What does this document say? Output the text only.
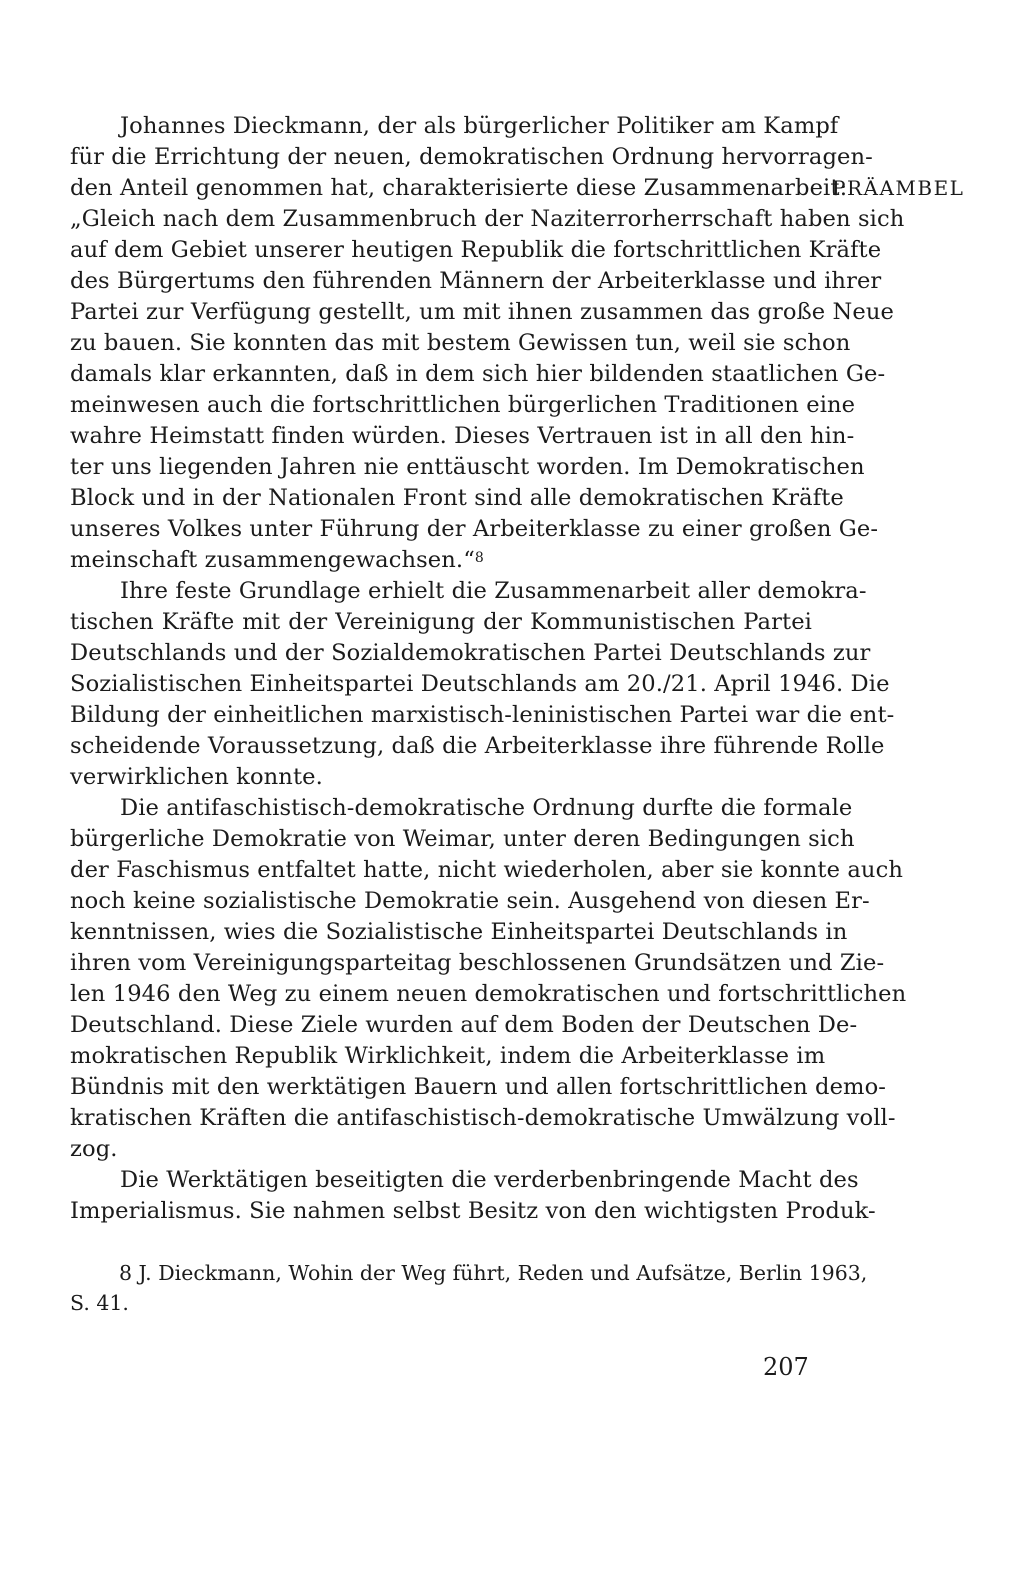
Johannes Dieckmann, der als bürgerlicher Politiker am Kampf
für die Errichtung der neuen, demokratischen Ordnung hervorragen-
den Anteil genommen hat, charakterisierte diese Zusammenarbeit:
„Gleich nach dem Zusammenbruch der Naziterrorherrschaft haben sich
auf dem Gebiet unserer heutigen Republik die fortschrittlichen Kräfte
des Bürgertums den führenden Männern der Arbeiterklasse und ihrer
Partei zur Verfügung gestellt, um mit ihnen zusammen das große Neue
zu bauen. Sie konnten das mit bestem Gewissen tun, weil sie schon
damals klar erkannten, daß in dem sich hier bildenden staatlichen Ge-
meinwesen auch die fortschrittlichen bürgerlichen Traditionen eine
wahre Heimstatt finden würden. Dieses Vertrauen ist in all den hin-
ter uns liegenden Jahren nie enttäuscht worden. Im Demokratischen
Block und in der Nationalen Front sind alle demokratischen Kräfte
unseres Volkes unter Führung der Arbeiterklasse zu einer großen Ge-
meinschaft zusammengewachsen.“$^8$
Ihre feste Grundlage erhielt die Zusammenarbeit aller demokra-
tischen Kräfte mit der Vereinigung der Kommunistischen Partei
Deutschlands und der Sozialdemokratischen Partei Deutschlands zur
Sozialistischen Einheitspartei Deutschlands am 20./21. April 1946. Die
Bildung der einheitlichen marxistisch-leninistischen Partei war die ent-
scheidende Voraussetzung, daß die Arbeiterklasse ihre führende Rolle
verwirklichen konnte.
Die antifaschistisch-demokratische Ordnung durfte die formale
bürgerliche Demokratie von Weimar, unter deren Bedingungen sich
der Faschismus entfaltet hatte, nicht wiederholen, aber sie konnte auch
noch keine sozialistische Demokratie sein. Ausgehend von diesen Er-
kenntnissen, wies die Sozialistische Einheitspartei Deutschlands in
ihren vom Vereinigungsparteitag beschlossenen Grundsätzen und Zie-
len 1946 den Weg zu einem neuen demokratischen und fortschrittlichen
Deutschland. Diese Ziele wurden auf dem Boden der Deutschen De-
mokratischen Republik Wirklichkeit, indem die Arbeiterklasse im
Bündnis mit den werktätigen Bauern und allen fortschrittlichen demo-
kratischen Kräften die antifaschistisch-demokratische Umwälzung voll-
zog.
Die Werktätigen beseitigten die verderbenbringende Macht des
Imperialismus. Sie nahmen selbst Besitz von den wichtigsten Produk-
PRÄAMBEL
8 J. Dieckmann, Wohin der Weg führt, Reden und Aufsätze, Berlin 1963,
S. 41.
207
